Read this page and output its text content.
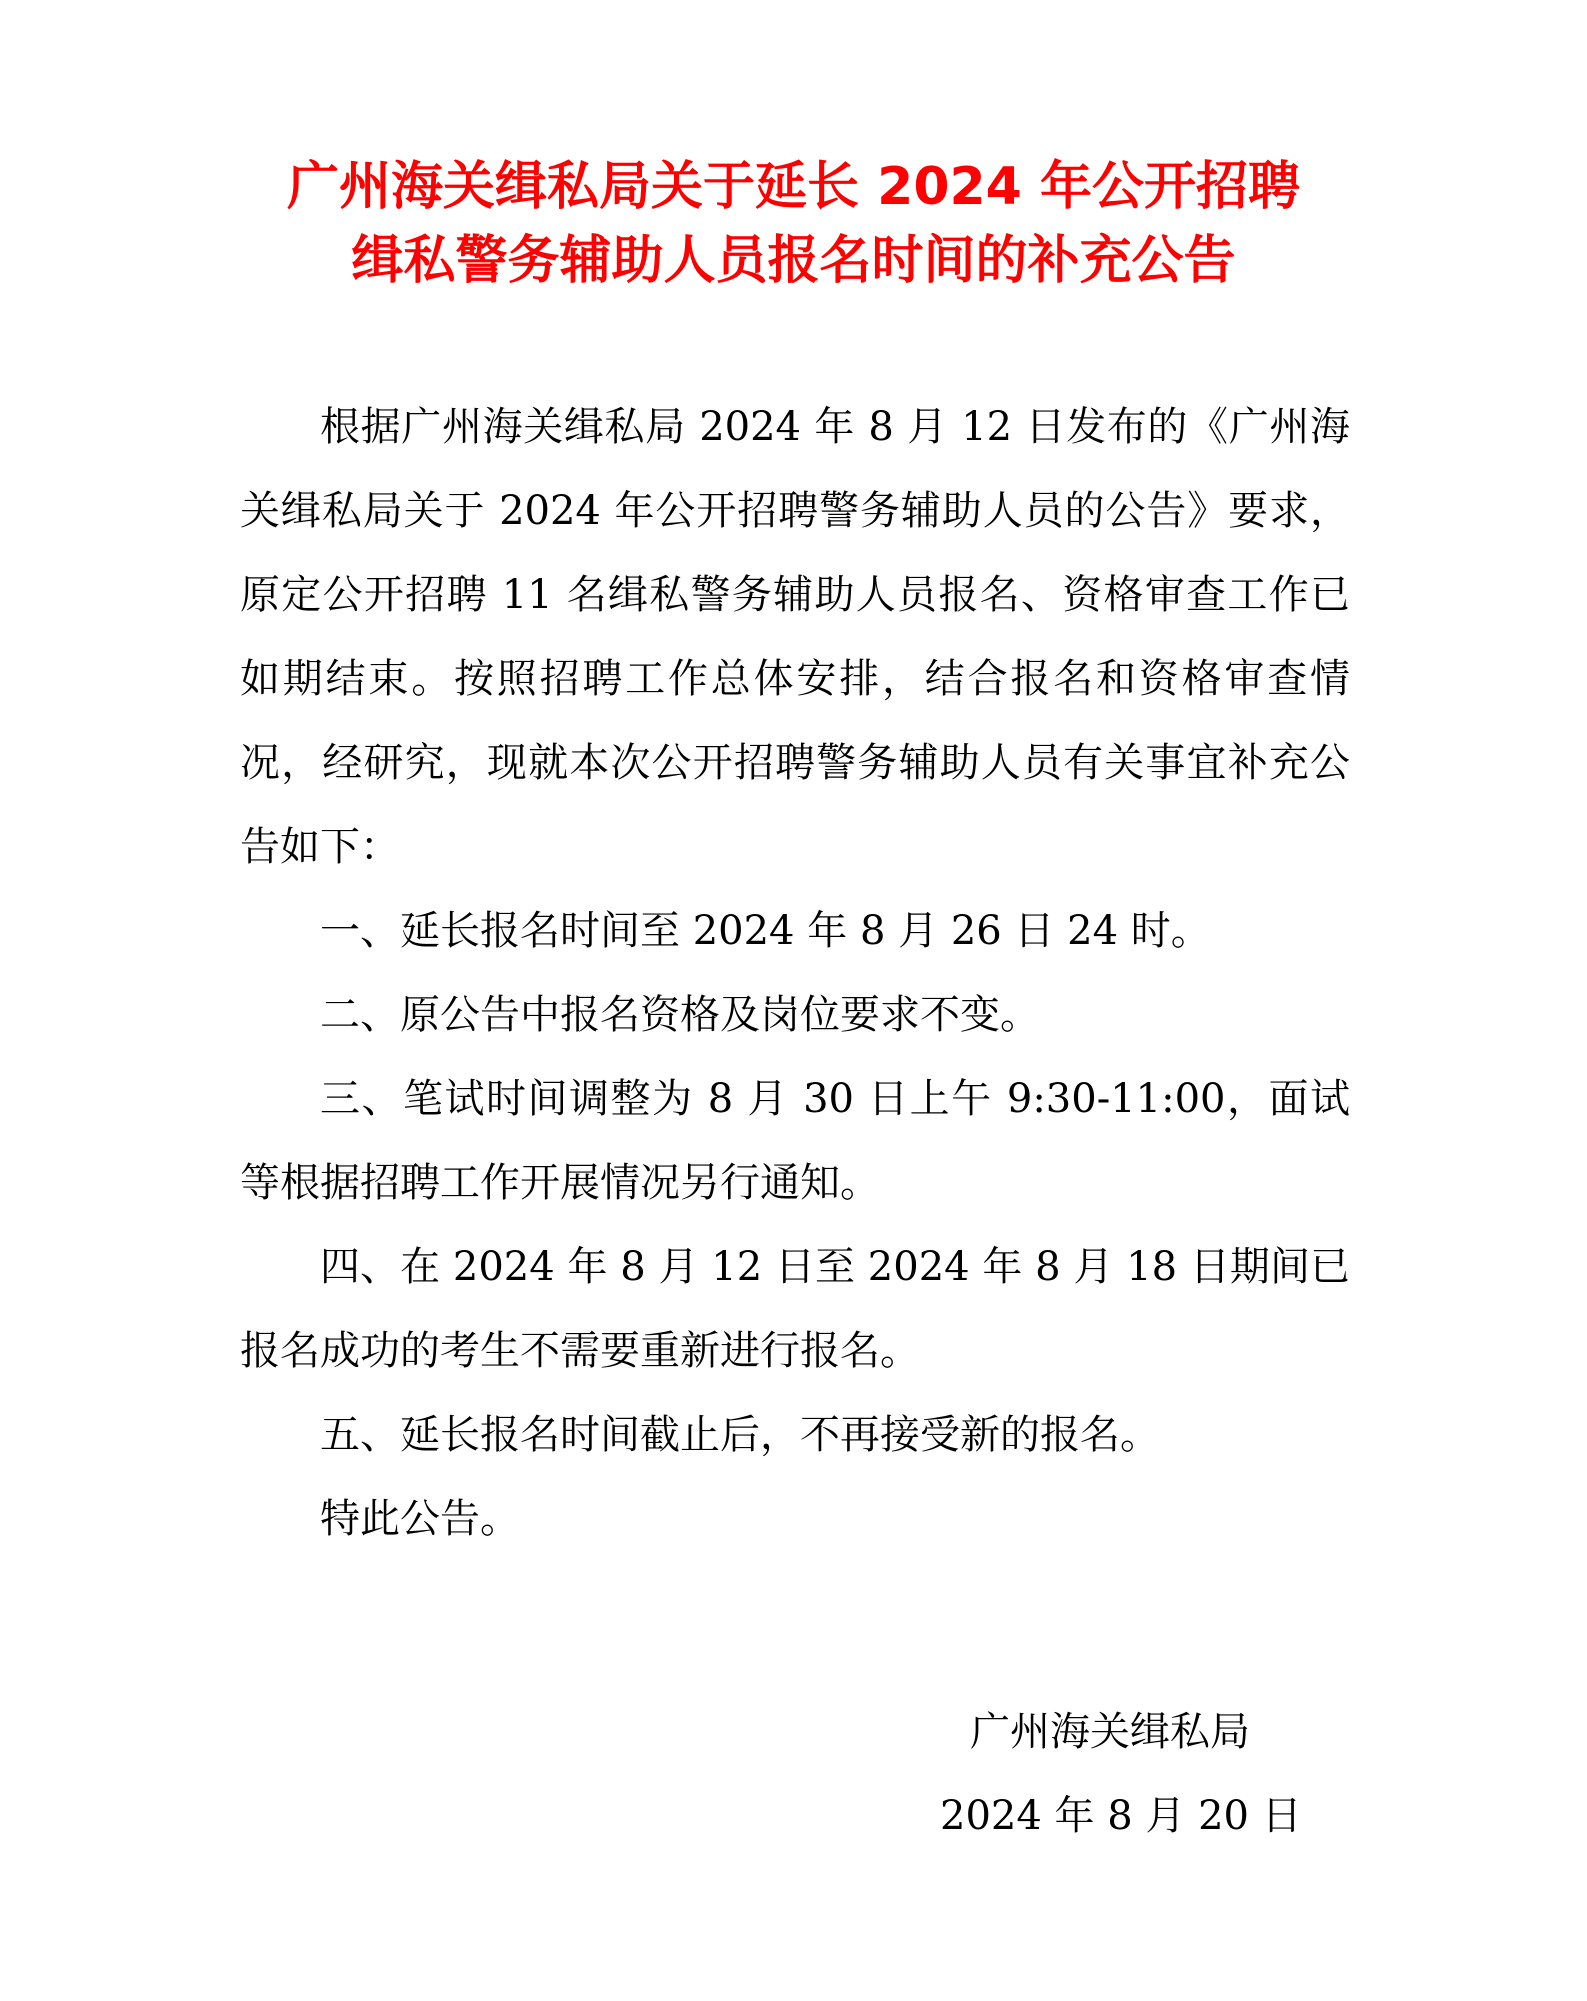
广州海关缉私局关于延长 2024 年公开招聘
缉私警务辅助人员报名时间的补充公告

根据广州海关缉私局 2024 年 8 月 12 日发布的《广州海关缉私局关于 2024 年公开招聘警务辅助人员的公告》要求，原定公开招聘 11 名缉私警务辅助人员报名、资格审查工作已如期结束。按照招聘工作总体安排，结合报名和资格审查情况，经研究，现就本次公开招聘警务辅助人员有关事宜补充公告如下：

一、延长报名时间至 2024 年 8 月 26 日 24 时。

二、原公告中报名资格及岗位要求不变。

三、笔试时间调整为 8 月 30 日上午 9:30-11:00，面试等根据招聘工作开展情况另行通知。

四、在 2024 年 8 月 12 日至 2024 年 8 月 18 日期间已报名成功的考生不需要重新进行报名。

五、延长报名时间截止后，不再接受新的报名。

特此公告。

广州海关缉私局
2024 年 8 月 20 日
